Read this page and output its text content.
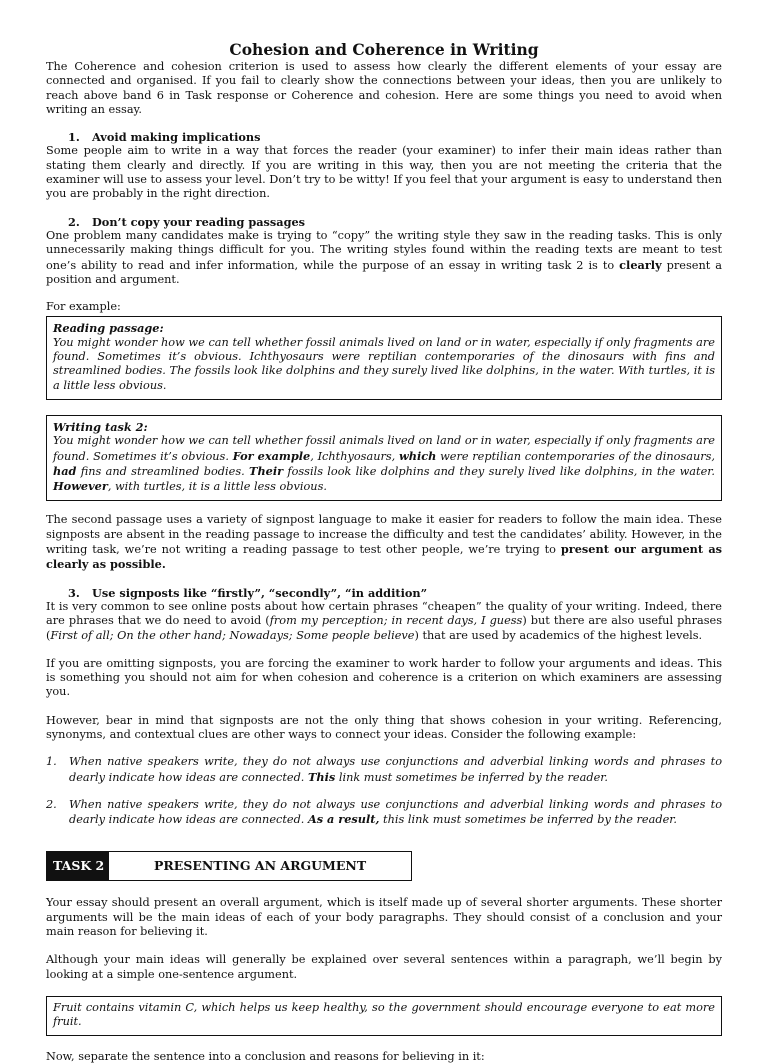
Cohesion and Coherence in Writing

The Coherence and cohesion criterion is used to assess how clearly the different elements of your essay are connected and organised. If you fail to clearly show the connections between your ideas, then you are unlikely to reach above band 6 in Task response or Coherence and cohesion. Here are some things you need to avoid when writing an essay.

1. Avoid making implications

Some people aim to write in a way that forces the reader (your examiner) to infer their main ideas rather than stating them clearly and directly. If you are writing in this way, then you are not meeting the criteria that the examiner will use to assess your level. Don’t try to be witty! If you feel that your argument is easy to understand then you are probably in the right direction.

2. Don’t copy your reading passages

One problem many candidates make is trying to “copy” the writing style they saw in the reading tasks. This is only unnecessarily making things difficult for you. The writing styles found within the reading texts are meant to test one’s ability to read and infer information, while the purpose of an essay in writing task 2 is to clearly present a position and argument.

For example:

Reading passage:
You might wonder how we can tell whether fossil animals lived on land or in water, especially if only fragments are found. Sometimes it’s obvious. Ichthyosaurs were reptilian contemporaries of the dinosaurs with fins and streamlined bodies. The fossils look like dolphins and they surely lived like dolphins, in the water. With turtles, it is a little less obvious.
Writing task 2:
You might wonder how we can tell whether fossil animals lived on land or in water, especially if only fragments are found. Sometimes it’s obvious. For example, Ichthyosaurs, which were reptilian contemporaries of the dinosaurs, had fins and streamlined bodies. Their fossils look like dolphins and they surely lived like dolphins, in the water. However, with turtles, it is a little less obvious.

The second passage uses a variety of signpost language to make it easier for readers to follow the main idea. These signposts are absent in the reading passage to increase the difficulty and test the candidates’ ability. However, in the writing task, we’re not writing a reading passage to test other people, we’re trying to present our argument as clearly as possible.

3. Use signposts like “firstly”, “secondly”, “in addition”

It is very common to see online posts about how certain phrases “cheapen” the quality of your writing. Indeed, there are phrases that we do need to avoid (from my perception; in recent days, I guess) but there are also useful phrases (First of all; On the other hand; Nowadays; Some people believe) that are used by academics of the highest levels.

If you are omitting signposts, you are forcing the examiner to work harder to follow your arguments and ideas. This is something you should not aim for when cohesion and coherence is a criterion on which examiners are assessing you.

However, bear in mind that signposts are not the only thing that shows cohesion in your writing. Referencing, synonyms, and contextual clues are other ways to connect your ideas. Consider the following example:

1.	When native speakers write, they do not always use conjunctions and adverbial linking words and phrases to dearly indicate how ideas are connected. This link must sometimes be inferred by the reader.
2.	When native speakers write, they do not always use conjunctions and adverbial linking words and phrases to dearly indicate how ideas are connected. As a result, this link must sometimes be inferred by the reader.
TASK 2	PRESENTING AN ARGUMENT

Your essay should present an overall argument, which is itself made up of several shorter arguments. These shorter arguments will be the main ideas of each of your body paragraphs. They should consist of a conclusion and your main reason for believing it.

Although your main ideas will generally be explained over several sentences within a paragraph, we’ll begin by looking at a simple one-sentence argument.

Fruit contains vitamin C, which helps us keep healthy, so the government should encourage everyone to eat more fruit.

Now, separate the sentence into a conclusion and reasons for believing in it:
